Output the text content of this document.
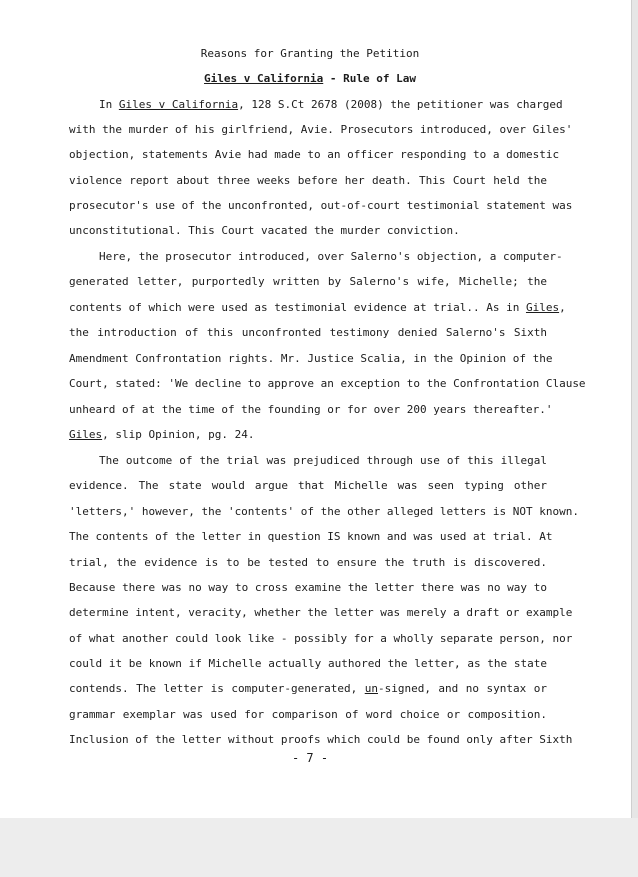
Reasons for Granting the Petition
Giles v California - Rule of Law
In Giles v California, 128 S.Ct 2678 (2008) the petitioner was charged
with the murder of his girlfriend, Avie. Prosecutors introduced, over Giles'
objection, statements Avie had made to an officer responding to a domestic
violence report about three weeks before her death. This Court held the
prosecutor's use of the unconfronted, out-of-court testimonial statement was
unconstitutional. This Court vacated the murder conviction.
Here, the prosecutor introduced, over Salerno's objection, a computer-
generated letter, purportedly written by Salerno's wife, Michelle; the
contents of which were used as testimonial evidence at trial.. As in Giles,
the introduction of this unconfronted testimony denied Salerno's Sixth
Amendment Confrontation rights. Mr. Justice Scalia, in the Opinion of the
Court, stated: 'We decline to approve an exception to the Confrontation Clause
unheard of at the time of the founding or for over 200 years thereafter.'
Giles, slip Opinion, pg. 24.
The outcome of the trial was prejudiced through use of this illegal
evidence. The state would argue that Michelle was seen typing other
'letters,' however, the 'contents' of the other alleged letters is NOT known.
The contents of the letter in question IS known and was used at trial. At
trial, the evidence is to be tested to ensure the truth is discovered.
Because there was no way to cross examine the letter there was no way to
determine intent, veracity, whether the letter was merely a draft or example
of what another could look like - possibly for a wholly separate person, nor
could it be known if Michelle actually authored the letter, as the state
contends. The letter is computer-generated, un-signed, and no syntax or
grammar exemplar was used for comparison of word choice or composition.
Inclusion of the letter without proofs which could be found only after Sixth
- 7 -
